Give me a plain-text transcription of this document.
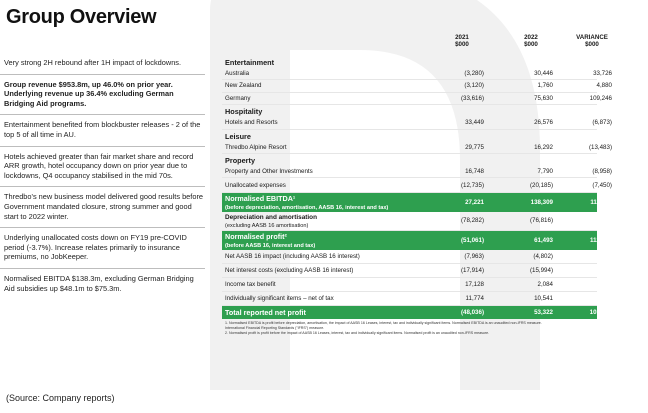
Group Overview
Very strong 2H rebound after 1H impact of lockdowns.
Group revenue $953.8m, up 46.0% on prior year. Underlying revenue up 36.4% excluding German Bridging Aid programs.
Entertainment benefited from blockbuster releases - 2 of the top 5 of all time in AU.
Hotels achieved greater than fair market share and record ARR growth, hotel occupancy down on prior year due to lockdowns, Q4 occupancy stabilised in the mid 70s.
Thredbo's new business model delivered good results before Government mandated closure, strong summer and good start to 2022 winter.
Underlying unallocated costs down on FY19 pre-COVID period (-3.7%). Increase relates primarily to insurance premiums, no JobKeeper.
Normalised EBITDA $138.3m, excluding German Bridging Aid subsidies up $48.1m to $75.3m.
2021
$000
2022
$000
VARIANCE
$000
Entertainment
Australia	(3,280)	30,446	33,726
New Zealand	(3,120)	1,760	4,880
Germany	(33,616)	75,630	109,246
Hospitality
Hotels and Resorts	33,449	26,576	(6,873)
Leisure
Thredbo Alpine Resort	29,775	16,292	(13,483)
Property
Property and Other Investments	16,748	7,790	(8,958)
Unallocated expenses	(12,735)	(20,185)	(7,450)
Normalised EBITDA¹
(before depreciation, amortisation, AASB 16, interest and tax)
27,221	138,309	111,088
Depreciation and amortisation
(excluding AASB 16 amortisation)
(78,282)	(76,816)
Normalised profit²
(before AASB 16, interest and tax)
(51,061)	61,493	112,554
Net AASB 16 impact (including AASB 16 interest)	(7,963)	(4,802)
Net interest costs (excluding AASB 16 interest)	(17,914)	(15,994)
Income tax benefit	17,128	2,084
Individually significant items – net of tax	11,774	10,541
Total reported net profit	(48,036)	53,322	101,358
1. Normalised EBITDA is profit before depreciation, amortisation, the impact of AASB 16 Leases, interest, tax and individually significant items. Normalised EBITDA is an unaudited non-IFRS measure.
International Financial Reporting Standards ("IFRS") measure.
2. Normalised profit is profit before the impact of AASB 16 Leases, interest, tax and individually significant items. Normalised profit is an unaudited non-IFRS measure.
(Source: Company reports)
